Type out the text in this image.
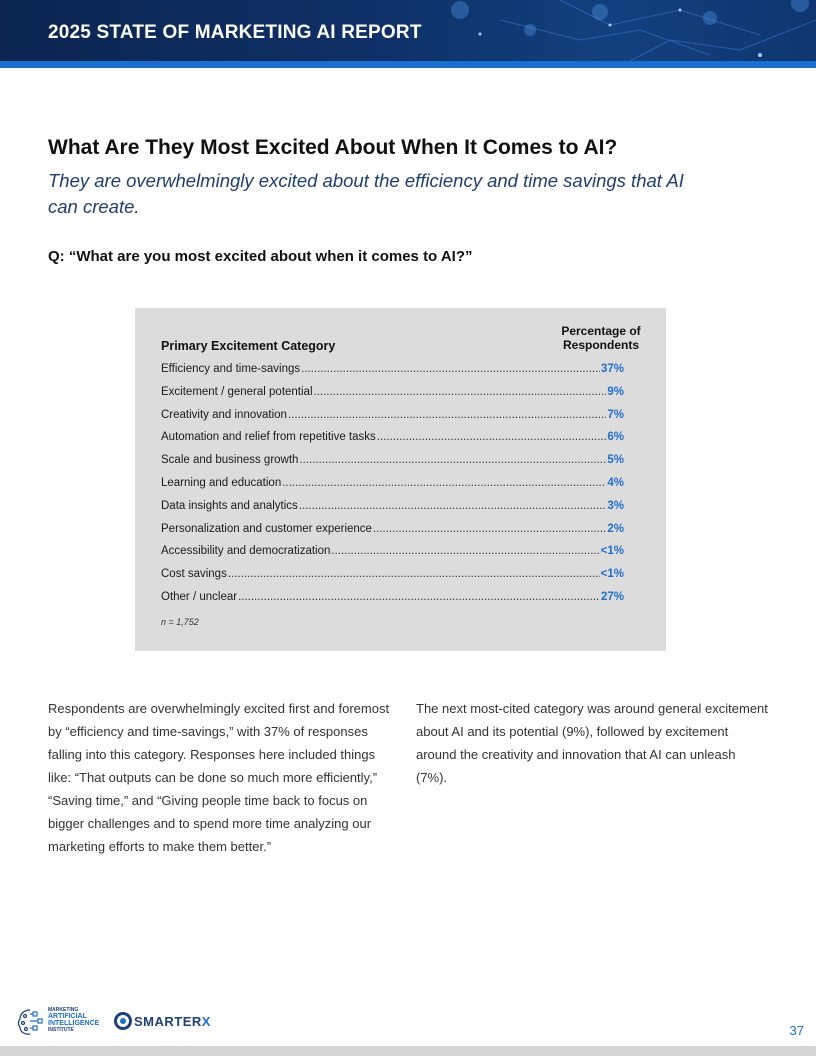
2025 STATE OF MARKETING AI REPORT
What Are They Most Excited About When It Comes to AI?
They are overwhelmingly excited about the efficiency and time savings that AI can create.
Q: “What are you most excited about when it comes to AI?”
Primary Excitement Category
Percentage of Respondents
Efficiency and time-savings .....	37%
Excitement / general potential .....	9%
Creativity and innovation .....	7%
Automation and relief from repetitive tasks .....	6%
Scale and business growth .....	5%
Learning and education .....	4%
Data insights and analytics .....	3%
Personalization and customer experience .....	2%
Accessibility and democratization .....	<1%
Cost savings .....	<1%
Other / unclear .....	27%
n = 1,752
Respondents are overwhelmingly excited first and foremost by “efficiency and time-savings,” with 37% of responses falling into this category. Responses here included things like: “That outputs can be done so much more efficiently,” “Saving time,” and “Giving people time back to focus on bigger challenges and to spend more time analyzing our marketing efforts to make them better.”
The next most-cited category was around general excitement about AI and its potential (9%), followed by excitement around the creativity and innovation that AI can unleash (7%).
MARKETING
ARTIFICIAL
INTELLIGENCE
INSTITUTE
SMARTERX
37
